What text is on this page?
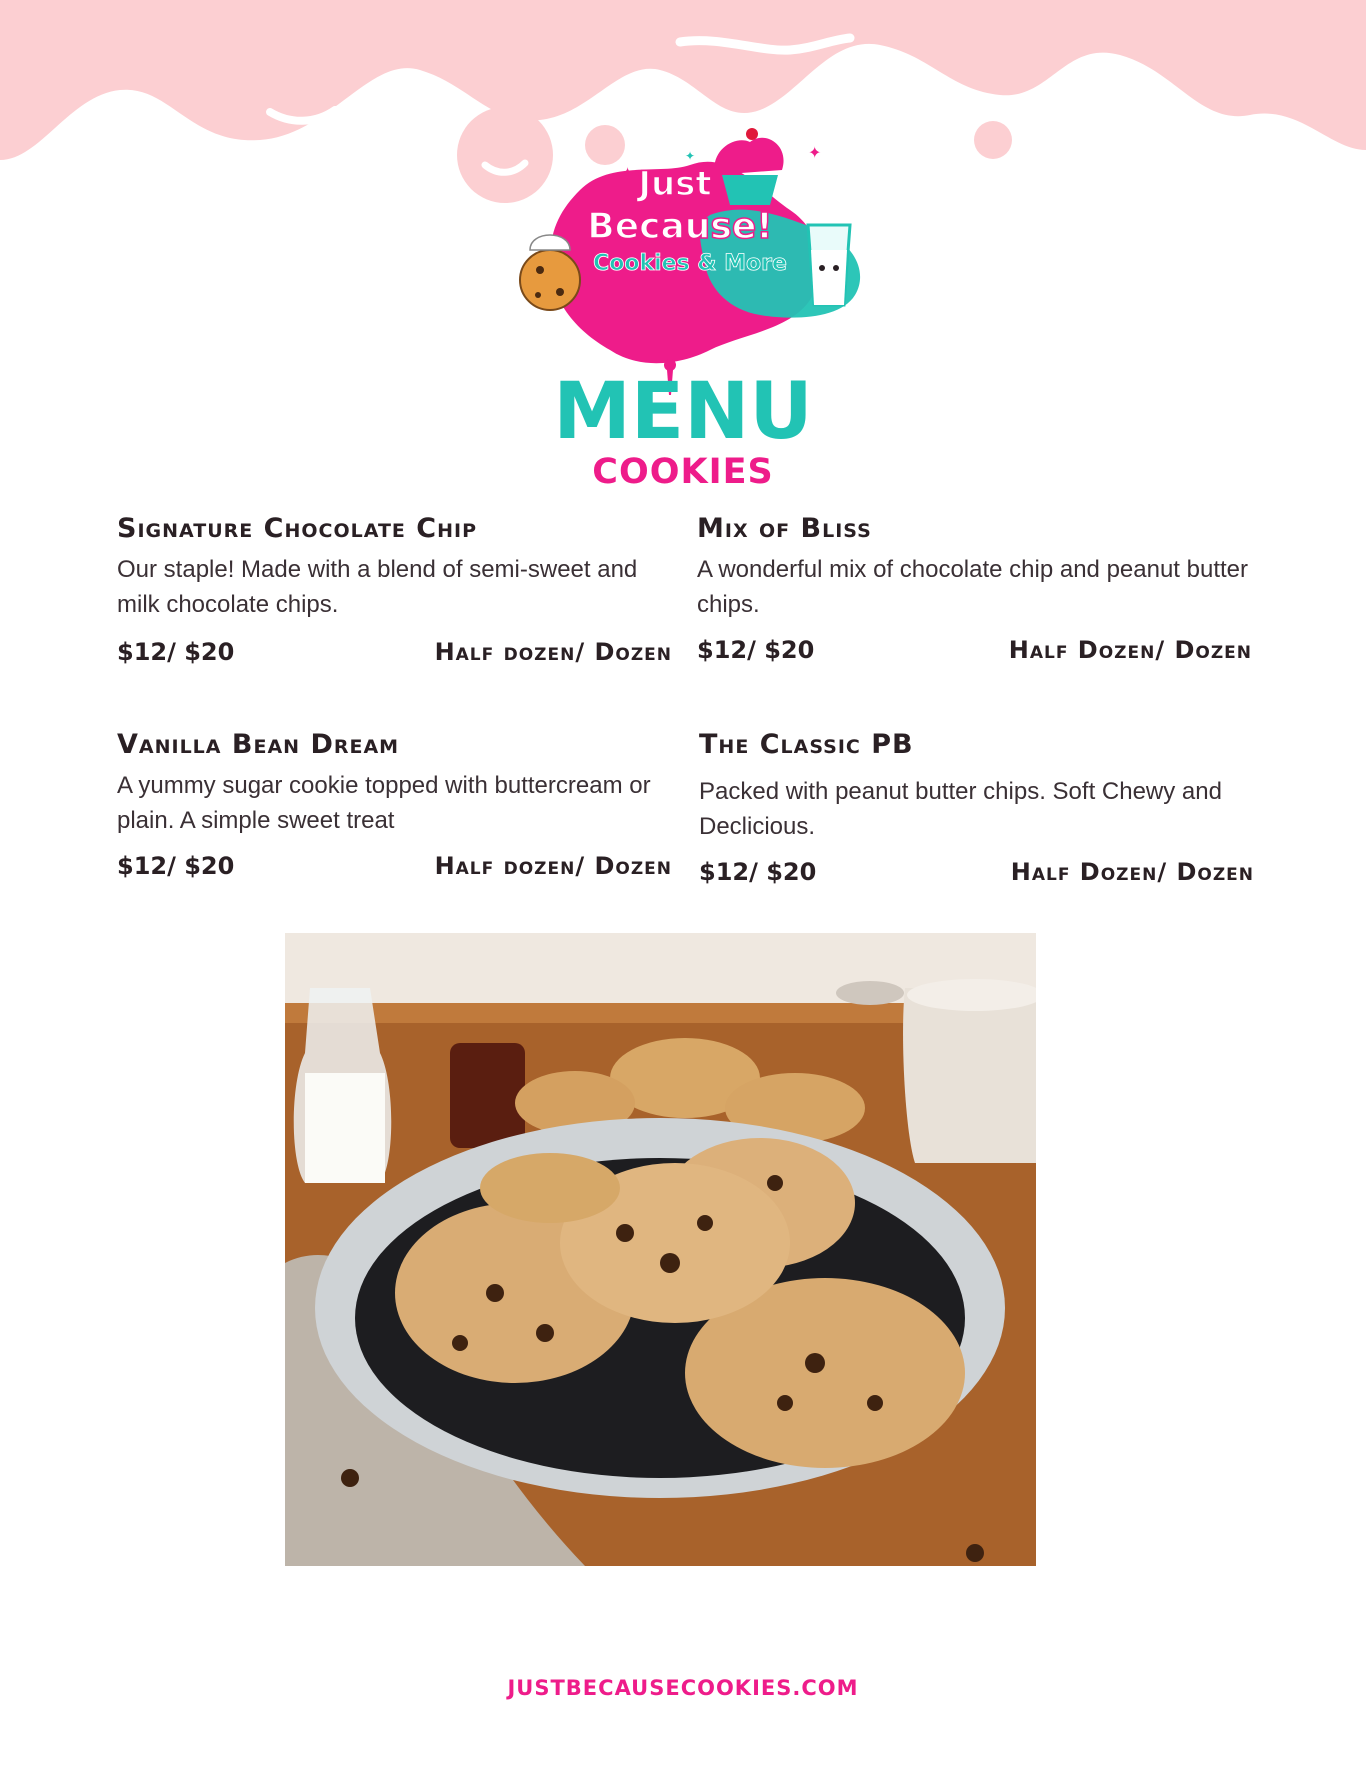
✦
✦
✦
Just
Because!
Cookies & More
MENU
COOKIES
Signature Chocolate Chip
Our staple! Made with a blend of semi-sweet and milk chocolate chips.
$12/ $20	Half dozen/ Dozen
Mix of Bliss
A wonderful mix of chocolate chip and peanut butter chips.
$12/ $20	Half Dozen/ Dozen
Vanilla Bean Dream
A yummy sugar cookie topped with buttercream or plain. A simple sweet treat
$12/ $20	Half dozen/ Dozen
The Classic PB
Packed with peanut butter chips. Soft Chewy and Declicious.
$12/ $20	Half Dozen/ Dozen
JUSTBECAUSECOOKIES.COM
